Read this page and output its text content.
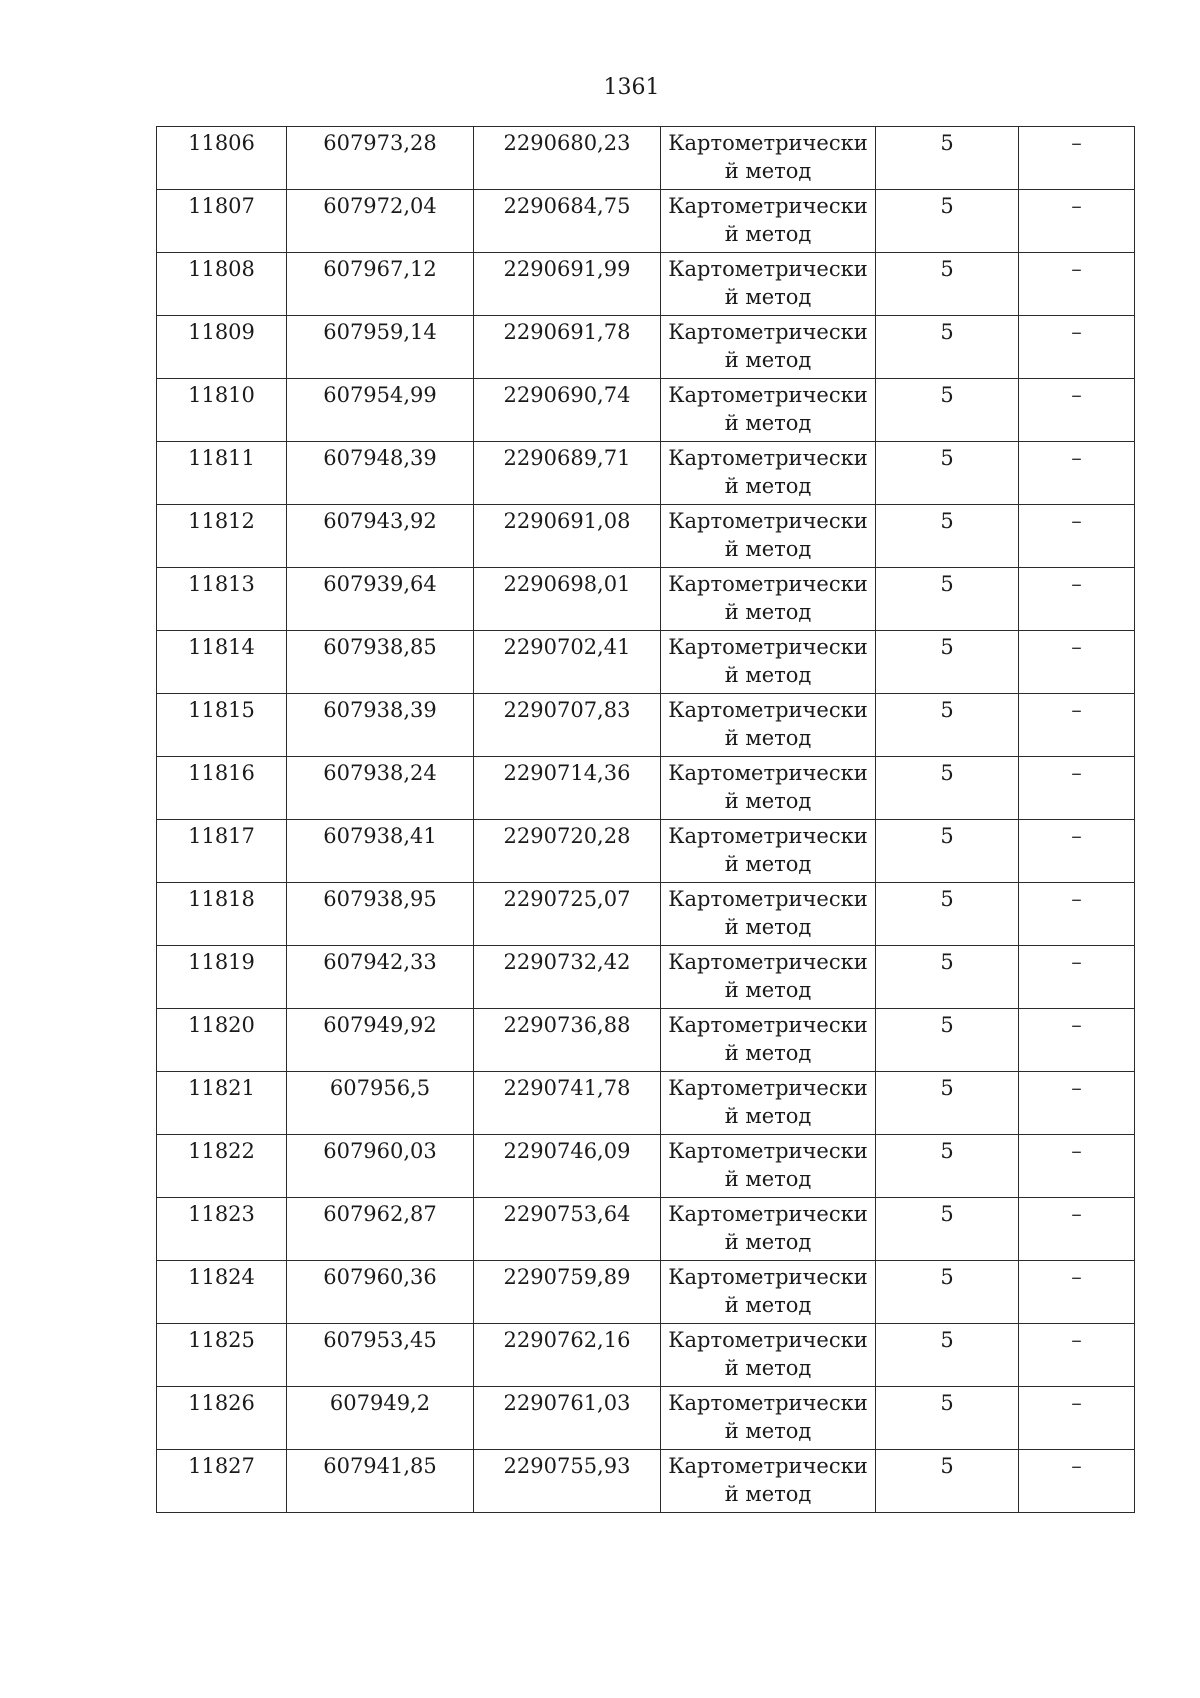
1361
11806	607973,28	2290680,23	Картометрический метод	5	–

11807	607972,04	2290684,75	Картометрический метод	5	–

11808	607967,12	2290691,99	Картометрический метод	5	–

11809	607959,14	2290691,78	Картометрический метод	5	–

11810	607954,99	2290690,74	Картометрический метод	5	–

11811	607948,39	2290689,71	Картометрический метод	5	–

11812	607943,92	2290691,08	Картометрический метод	5	–

11813	607939,64	2290698,01	Картометрический метод	5	–

11814	607938,85	2290702,41	Картометрический метод	5	–

11815	607938,39	2290707,83	Картометрический метод	5	–

11816	607938,24	2290714,36	Картометрический метод	5	–

11817	607938,41	2290720,28	Картометрический метод	5	–

11818	607938,95	2290725,07	Картометрический метод	5	–

11819	607942,33	2290732,42	Картометрический метод	5	–

11820	607949,92	2290736,88	Картометрический метод	5	–

11821	607956,5	2290741,78	Картометрический метод	5	–

11822	607960,03	2290746,09	Картометрический метод	5	–

11823	607962,87	2290753,64	Картометрический метод	5	–

11824	607960,36	2290759,89	Картометрический метод	5	–

11825	607953,45	2290762,16	Картометрический метод	5	–

11826	607949,2	2290761,03	Картометрический метод	5	–

11827	607941,85	2290755,93	Картометрический метод	5	–
